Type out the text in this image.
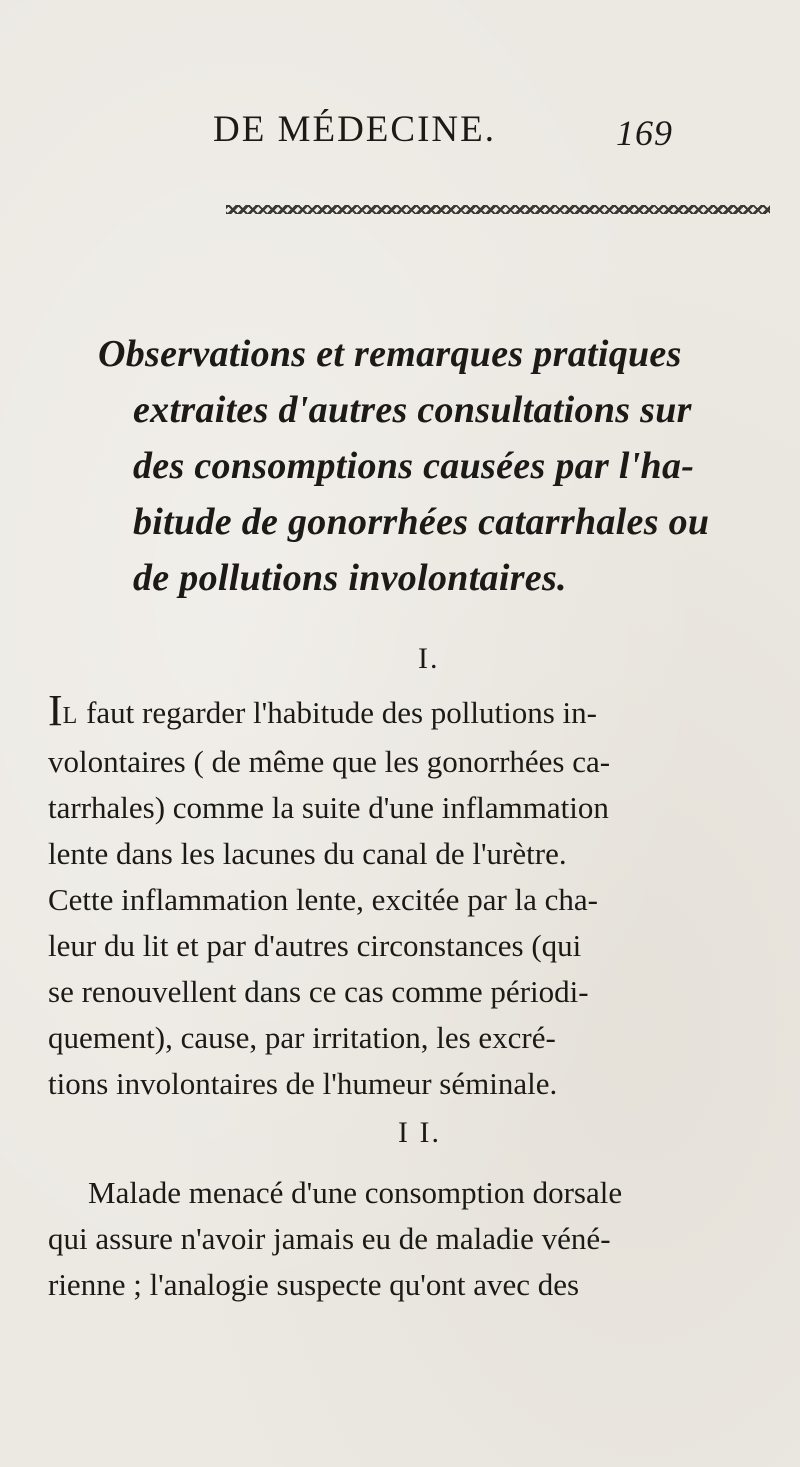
DE MÉDECINE.	169
Observations et remarques pratiques
extraites d'autres consultations sur
des consomptions causées par l'ha-
bitude de gonorrhées catarrhales ou
de pollutions involontaires.
I.

IL faut regarder l'habitude des pollutions in-
volontaires ( de même que les gonorrhées ca-
tarrhales) comme la suite d'une inflammation
lente dans les lacunes du canal de l'urètre.
Cette inflammation lente, excitée par la cha-
leur du lit et par d'autres circonstances (qui
se renouvellent dans ce cas comme périodi-
quement), cause, par irritation, les excré-
tions involontaires de l'humeur séminale.

I I.

Malade menacé d'une consomption dorsale
qui assure n'avoir jamais eu de maladie véné-
rienne ; l'analogie suspecte qu'ont avec des
